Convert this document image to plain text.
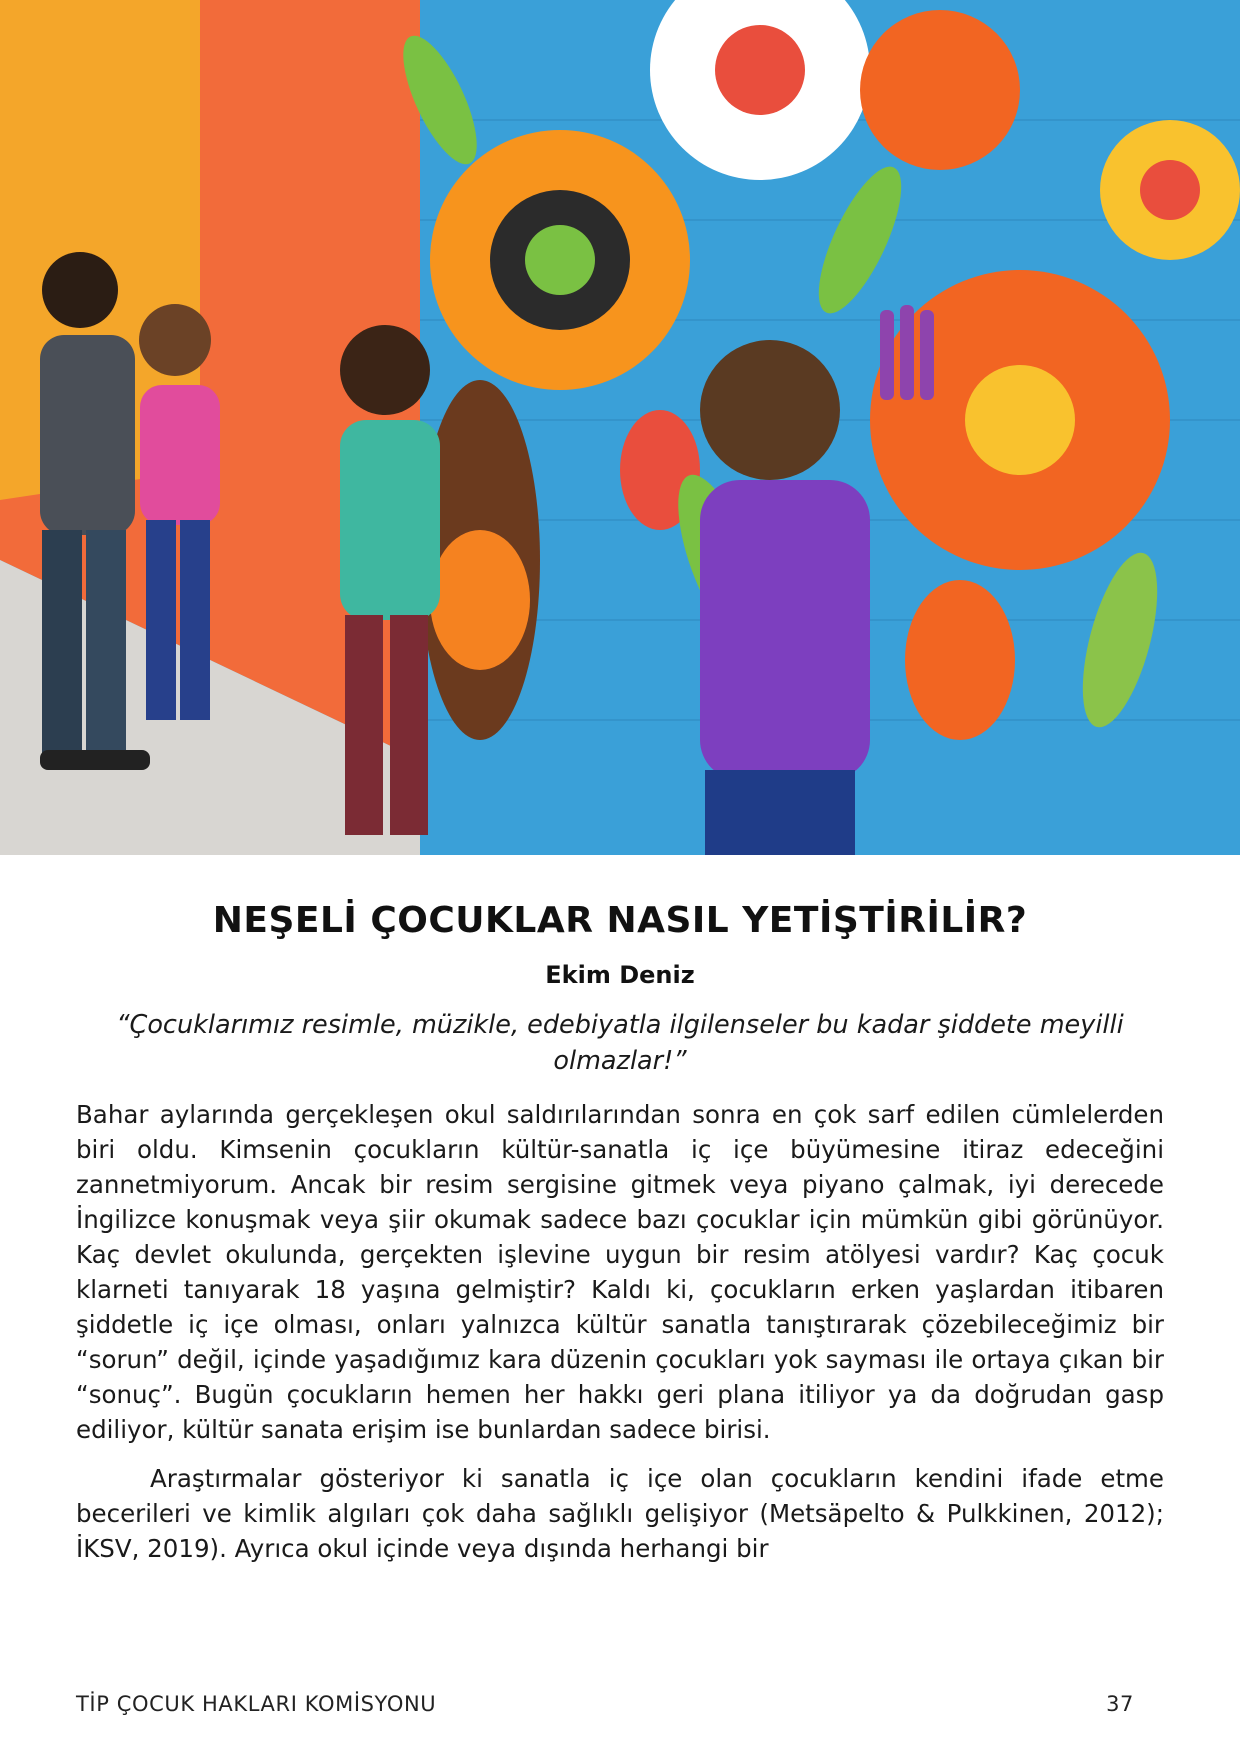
NEŞELİ ÇOCUKLAR NASIL YETİŞTİRİLİR?
Ekim Deniz
“Çocuklarımız resimle, müzikle, edebiyatla ilgilenseler bu kadar şiddete meyilli olmazlar!”

Bahar aylarında gerçekleşen okul saldırılarından sonra en çok sarf edilen cümlelerden biri oldu. Kimsenin çocukların kültür-sanatla iç içe büyümesine itiraz edeceğini zannetmiyorum. Ancak bir resim sergisine gitmek veya piyano çalmak, iyi derecede İngilizce konuşmak veya şiir okumak sadece bazı çocuklar için mümkün gibi görünüyor. Kaç devlet okulunda, gerçekten işlevine uygun bir resim atölyesi vardır? Kaç çocuk klarneti tanıyarak 18 yaşına gelmiştir? Kaldı ki, çocukların erken yaşlardan itibaren şiddetle iç içe olması, onları yalnızca kültür sanatla tanıştırarak çözebileceğimiz bir “sorun” değil, içinde yaşadığımız kara düzenin çocukları yok sayması ile ortaya çıkan bir “sonuç”. Bugün çocukların hemen her hakkı geri plana itiliyor ya da doğrudan gasp ediliyor, kültür sanata erişim ise bunlardan sadece birisi.

Araştırmalar gösteriyor ki sanatla iç içe olan çocukların kendini ifade etme becerileri ve kimlik algıları çok daha sağlıklı gelişiyor (Metsäpelto & Pulkkinen, 2012); İKSV, 2019). Ayrıca okul içinde veya dışında herhangi bir

TİP ÇOCUK HAKLARI KOMİSYONU	37
